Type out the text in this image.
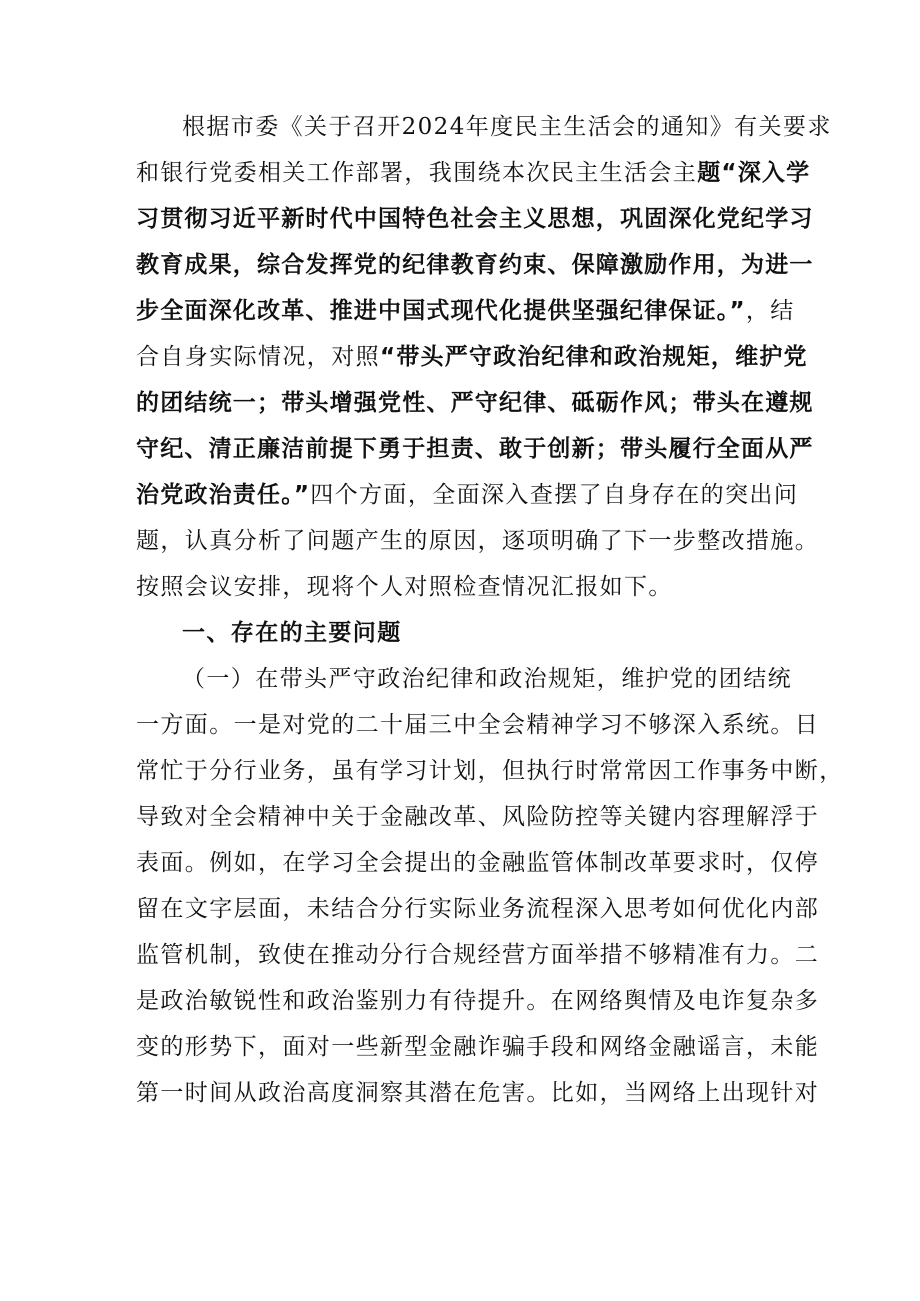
根据市委《关于召开2024年度民主生活会的通知》有关要求
和银行党委相关工作部署，我围绕本次民主生活会主题“深入学
习贯彻习近平新时代中国特色社会主义思想，巩固深化党纪学习
教育成果，综合发挥党的纪律教育约束、保障激励作用，为进一
步全面深化改革、推进中国式现代化提供坚强纪律保证。”，结
合自身实际情况，对照“带头严守政治纪律和政治规矩，维护党
的团结统一；带头增强党性、严守纪律、砥砺作风；带头在遵规
守纪、清正廉洁前提下勇于担责、敢于创新；带头履行全面从严
治党政治责任。”四个方面，全面深入查摆了自身存在的突出问
题，认真分析了问题产生的原因，逐项明确了下一步整改措施。
按照会议安排，现将个人对照检查情况汇报如下。
一、存在的主要问题
（一）在带头严守政治纪律和政治规矩，维护党的团结统
一方面。一是对党的二十届三中全会精神学习不够深入系统。日
常忙于分行业务，虽有学习计划，但执行时常常因工作事务中断，
导致对全会精神中关于金融改革、风险防控等关键内容理解浮于
表面。例如，在学习全会提出的金融监管体制改革要求时，仅停
留在文字层面，未结合分行实际业务流程深入思考如何优化内部
监管机制，致使在推动分行合规经营方面举措不够精准有力。二
是政治敏锐性和政治鉴别力有待提升。在网络舆情及电诈复杂多
变的形势下，面对一些新型金融诈骗手段和网络金融谣言，未能
第一时间从政治高度洞察其潜在危害。比如，当网络上出现针对
